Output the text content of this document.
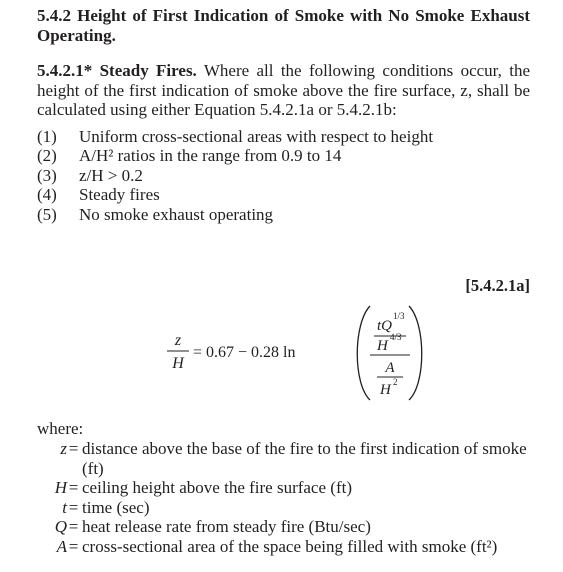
5.4.2 Height of First Indication of Smoke with No Smoke Exhaust Operating.

5.4.2.1* Steady Fires. Where all the following conditions occur, the height of the first indication of smoke above the fire surface, z, shall be calculated using either Equation 5.4.2.1a or 5.4.2.1b:

(1)	Uniform cross-sectional areas with respect to height
(2)	A/H² ratios in the range from 0.9 to 14
(3)	z/H > 0.2
(4)	Steady fires
(5)	No smoke exhaust operating
[5.4.2.1a]
z
H
= 0.67 − 0.28 ln
tQ
1/3
H
4/3
A
H 2
where:
z = distance above the base of the fire to the first indication of smoke (ft)
H = ceiling height above the fire surface (ft)
t = time (sec)
Q = heat release rate from steady fire (Btu/sec)
A = cross-sectional area of the space being filled with smoke (ft²)
